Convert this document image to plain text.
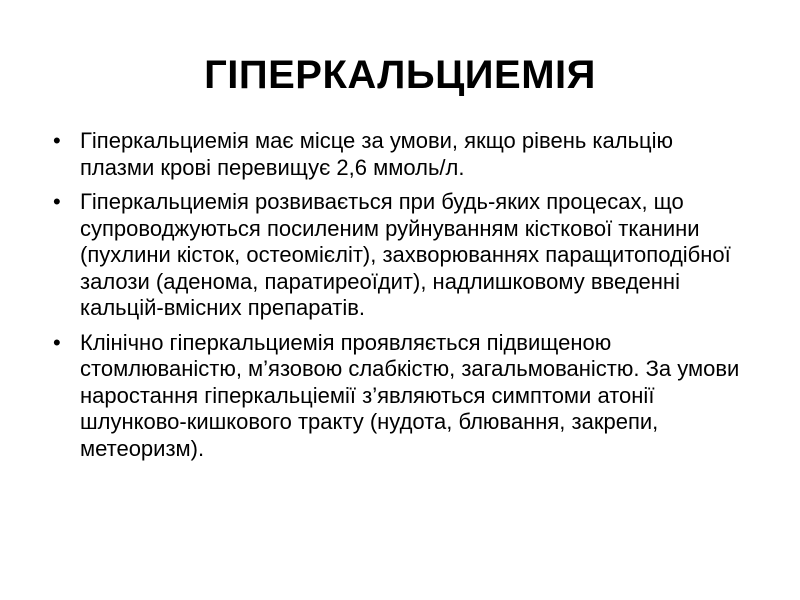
ГІПЕРКАЛЬЦИЕМІЯ
• Гіперкальциемія має місце за умови, якщо рівень кальцію плазми крові перевищує 2,6 ммоль/л.
• Гіперкальциемія розвивається при будь-яких процесах, що супроводжуються посиленим руйнуванням кісткової тканини (пухлини кісток, остеомієліт), захворюваннях паращитоподібної залози (аденома, паратиреоїдит), надлишковому введенні кальцій-вмісних препаратів.
• Клінічно гіперкальциемія проявляється підвищеною стомлюваністю, м’язовою слабкістю, загальмованістю. За умови наростання гіперкальціемії з’являються симптоми атонії шлунково-кишкового тракту (нудота, блювання, закрепи, метеоризм).
